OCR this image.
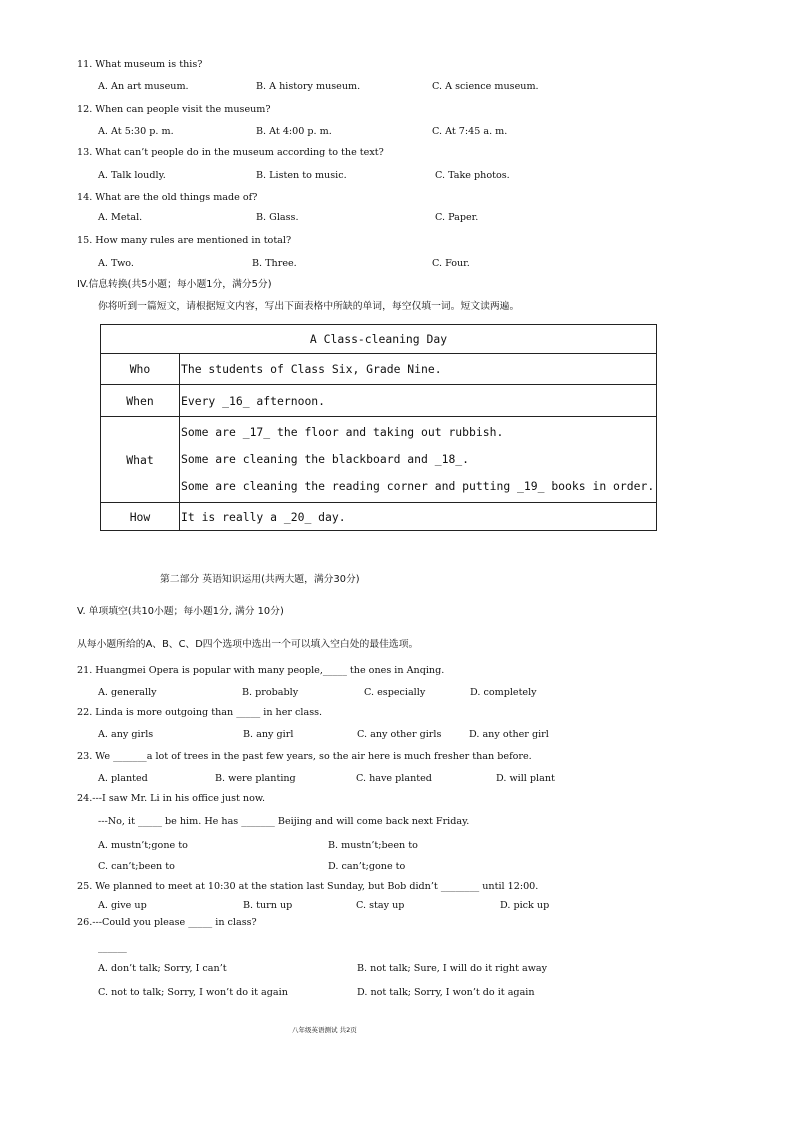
11. What museum is this?
A. An art museum.	B. A history museum.	C. A science museum.
12. When can people visit the museum?
A. At 5:30 p. m.	B. At 4:00 p. m.	C. At 7:45 a. m.
13. What can’t people do in the museum according to the text?
A. Talk loudly.	B. Listen to music.	C. Take photos.
14. What are the old things made of?
A. Metal.	B. Glass.	C. Paper.
15. How many rules are mentioned in total?
A. Two.	B. Three.	C. Four.
IV.信息转换(共5小题；每小题1分，满分5分)
你将听到一篇短文，请根据短文内容，写出下面表格中所缺的单词，每空仅填一词。短文读两遍。
A Class-cleaning Day	
Who	The students of Class Six, Grade Nine.
When	Every _16_ afternoon.
What	Some are _17_ the floor and taking out rubbish.
Some are cleaning the blackboard and _18_.
Some are cleaning the reading corner and putting _19_ books in order.

How	It is really a _20_ day.
第二部分 英语知识运用(共两大题，满分30分)
V. 单项填空(共10小题；每小题1分, 满分 10分)
从每小题所给的A、B、C、D四个选项中选出一个可以填入空白处的最佳选项。
21. Huangmei Opera is popular with many people,_____ the ones in Anqing.
A. generally	B. probably	C. especially	D. completely
22. Linda is more outgoing than _____ in her class.
A. any girls	B. any girl	C. any other girls	D. any other girl
23. We _______a lot of trees in the past few years, so the air here is much fresher than before.
A. planted	B. were planting	C. have planted	D. will plant
24.---I saw Mr. Li in his office just now.
---No, it _____ be him. He has _______ Beijing and will come back next Friday.
A. mustn’t;gone to	B. mustn’t;been to
C. can’t;been to	D. can’t;gone to
25. We planned to meet at 10:30 at the station last Sunday, but Bob didn’t ________ until 12:00.
A. give up	B. turn up	C. stay up	D. pick up
26.---Could you please _____ in class?
______
A. don’t talk; Sorry, I can’t	B. not talk; Sure, I will do it right away
C. not to talk; Sorry, I won’t do it again	D. not talk; Sorry, I won’t do it again
八年级英语测试 共2页
